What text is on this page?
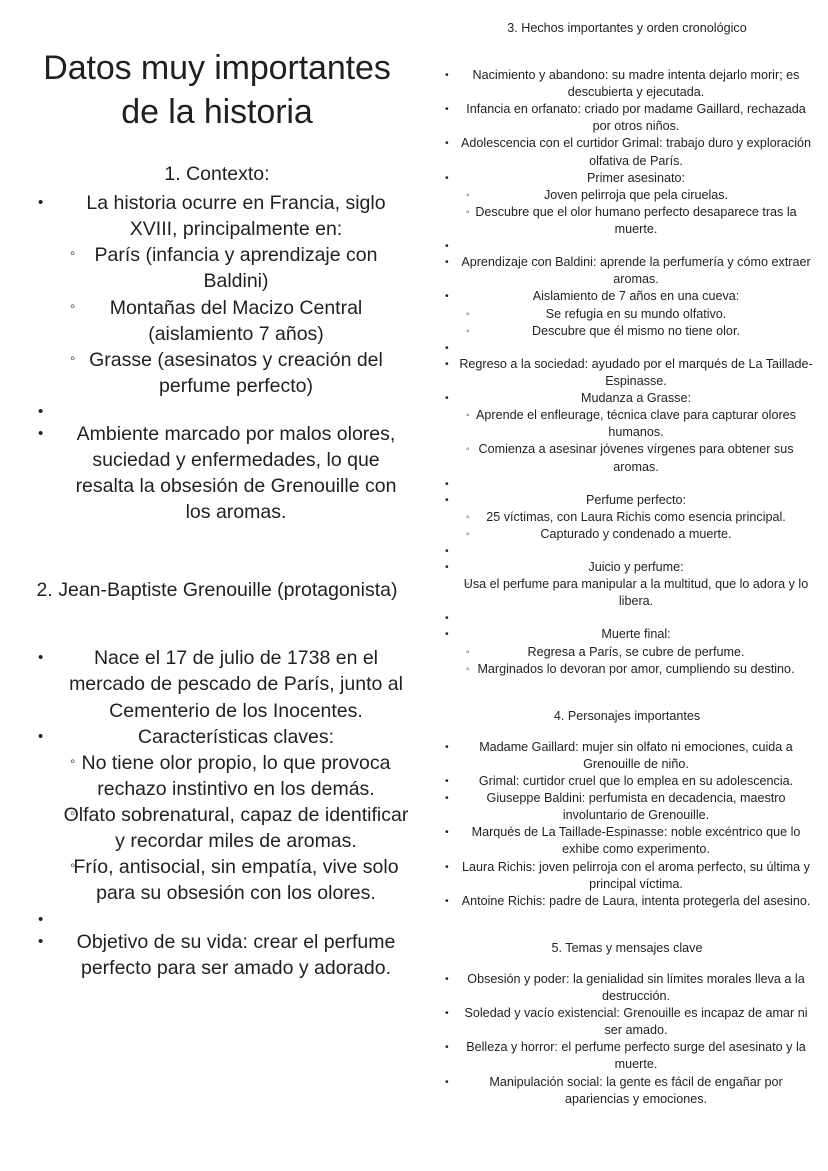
Datos muy importantes
de la historia
1. Contexto:
• La historia ocurre en Francia, siglo XVIII, principalmente en:
◦ París (infancia y aprendizaje con Baldini)
◦ Montañas del Macizo Central (aislamiento 7 años)
◦ Grasse (asesinatos y creación del perfume perfecto)
•
• Ambiente marcado por malos olores, suciedad y enfermedades, lo que resalta la obsesión de Grenouille con los aromas.
2. Jean-Baptiste Grenouille (protagonista)
• Nace el 17 de julio de 1738 en el mercado de pescado de París, junto al Cementerio de los Inocentes.
• Características claves:
◦ No tiene olor propio, lo que provoca rechazo instintivo en los demás.
◦ Olfato sobrenatural, capaz de identificar y recordar miles de aromas.
◦ Frío, antisocial, sin empatía, vive solo para su obsesión con los olores.
•
• Objetivo de su vida: crear el perfume perfecto para ser amado y adorado.
3. Hechos importantes y orden cronológico
• Nacimiento y abandono: su madre intenta dejarlo morir; es descubierta y ejecutada.
• Infancia en orfanato: criado por madame Gaillard, rechazada por otros niños.
• Adolescencia con el curtidor Grimal: trabajo duro y exploración olfativa de París.
• Primer asesinato:
◦ Joven pelirroja que pela ciruelas.
◦ Descubre que el olor humano perfecto desaparece tras la muerte.
•
• Aprendizaje con Baldini: aprende la perfumería y cómo extraer aromas.
• Aislamiento de 7 años en una cueva:
◦ Se refugia en su mundo olfativo.
◦ Descubre que él mismo no tiene olor.
•
• Regreso a la sociedad: ayudado por el marqués de La Taillade-Espinasse.
• Mudanza a Grasse:
◦ Aprende el enfleurage, técnica clave para capturar olores humanos.
◦ Comienza a asesinar jóvenes vírgenes para obtener sus aromas.
•
• Perfume perfecto:
◦ 25 víctimas, con Laura Richis como esencia principal.
◦ Capturado y condenado a muerte.
•
• Juicio y perfume:
◦ Usa el perfume para manipular a la multitud, que lo adora y lo libera.
•
• Muerte final:
◦ Regresa a París, se cubre de perfume.
◦ Marginados lo devoran por amor, cumpliendo su destino.
4. Personajes importantes
• Madame Gaillard: mujer sin olfato ni emociones, cuida a Grenouille de niño.
• Grimal: curtidor cruel que lo emplea en su adolescencia.
• Giuseppe Baldini: perfumista en decadencia, maestro involuntario de Grenouille.
• Marqués de La Taillade-Espinasse: noble excéntrico que lo exhibe como experimento.
• Laura Richis: joven pelirroja con el aroma perfecto, su última y principal víctima.
• Antoine Richis: padre de Laura, intenta protegerla del asesino.
5. Temas y mensajes clave
• Obsesión y poder: la genialidad sin límites morales lleva a la destrucción.
• Soledad y vacío existencial: Grenouille es incapaz de amar ni ser amado.
• Belleza y horror: el perfume perfecto surge del asesinato y la muerte.
• Manipulación social: la gente es fácil de engañar por apariencias y emociones.
